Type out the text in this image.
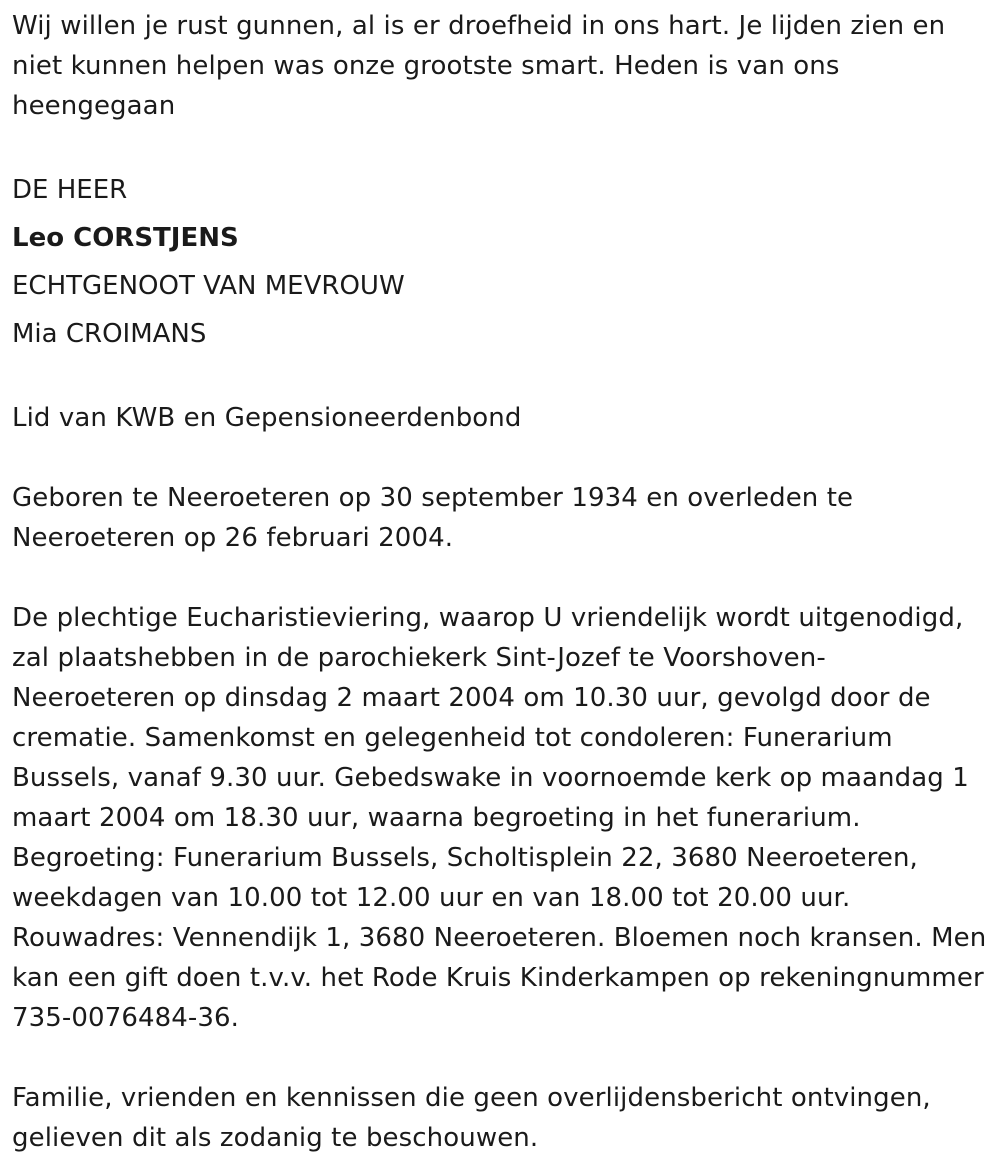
Wij willen je rust gunnen, al is er droefheid in ons hart. Je lijden zien en niet kunnen helpen was onze grootste smart. Heden is van ons heengegaan

DE HEER

Leo CORSTJENS

ECHTGENOOT VAN MEVROUW

Mia CROIMANS

Lid van KWB en Gepensioneerdenbond

Geboren te Neeroeteren op 30 september 1934 en overleden te Neeroeteren op 26 februari 2004.

De plechtige Eucharistieviering, waarop U vriendelijk wordt uitgenodigd, zal plaatshebben in de parochiekerk Sint-Jozef te Voorshoven-Neeroeteren op dinsdag 2 maart 2004 om 10.30 uur, gevolgd door de crematie. Samenkomst en gelegenheid tot condoleren: Funerarium Bussels, vanaf 9.30 uur. Gebedswake in voornoemde kerk op maandag 1 maart 2004 om 18.30 uur, waarna begroeting in het funerarium. Begroeting: Funerarium Bussels, Scholtisplein 22, 3680 Neeroeteren, weekdagen van 10.00 tot 12.00 uur en van 18.00 tot 20.00 uur. Rouwadres: Vennendijk 1, 3680 Neeroeteren. Bloemen noch kransen. Men kan een gift doen t.v.v. het Rode Kruis Kinderkampen op rekeningnummer 735-0076484-36.

Familie, vrienden en kennissen die geen overlijdensbericht ontvingen, gelieven dit als zodanig te beschouwen.
